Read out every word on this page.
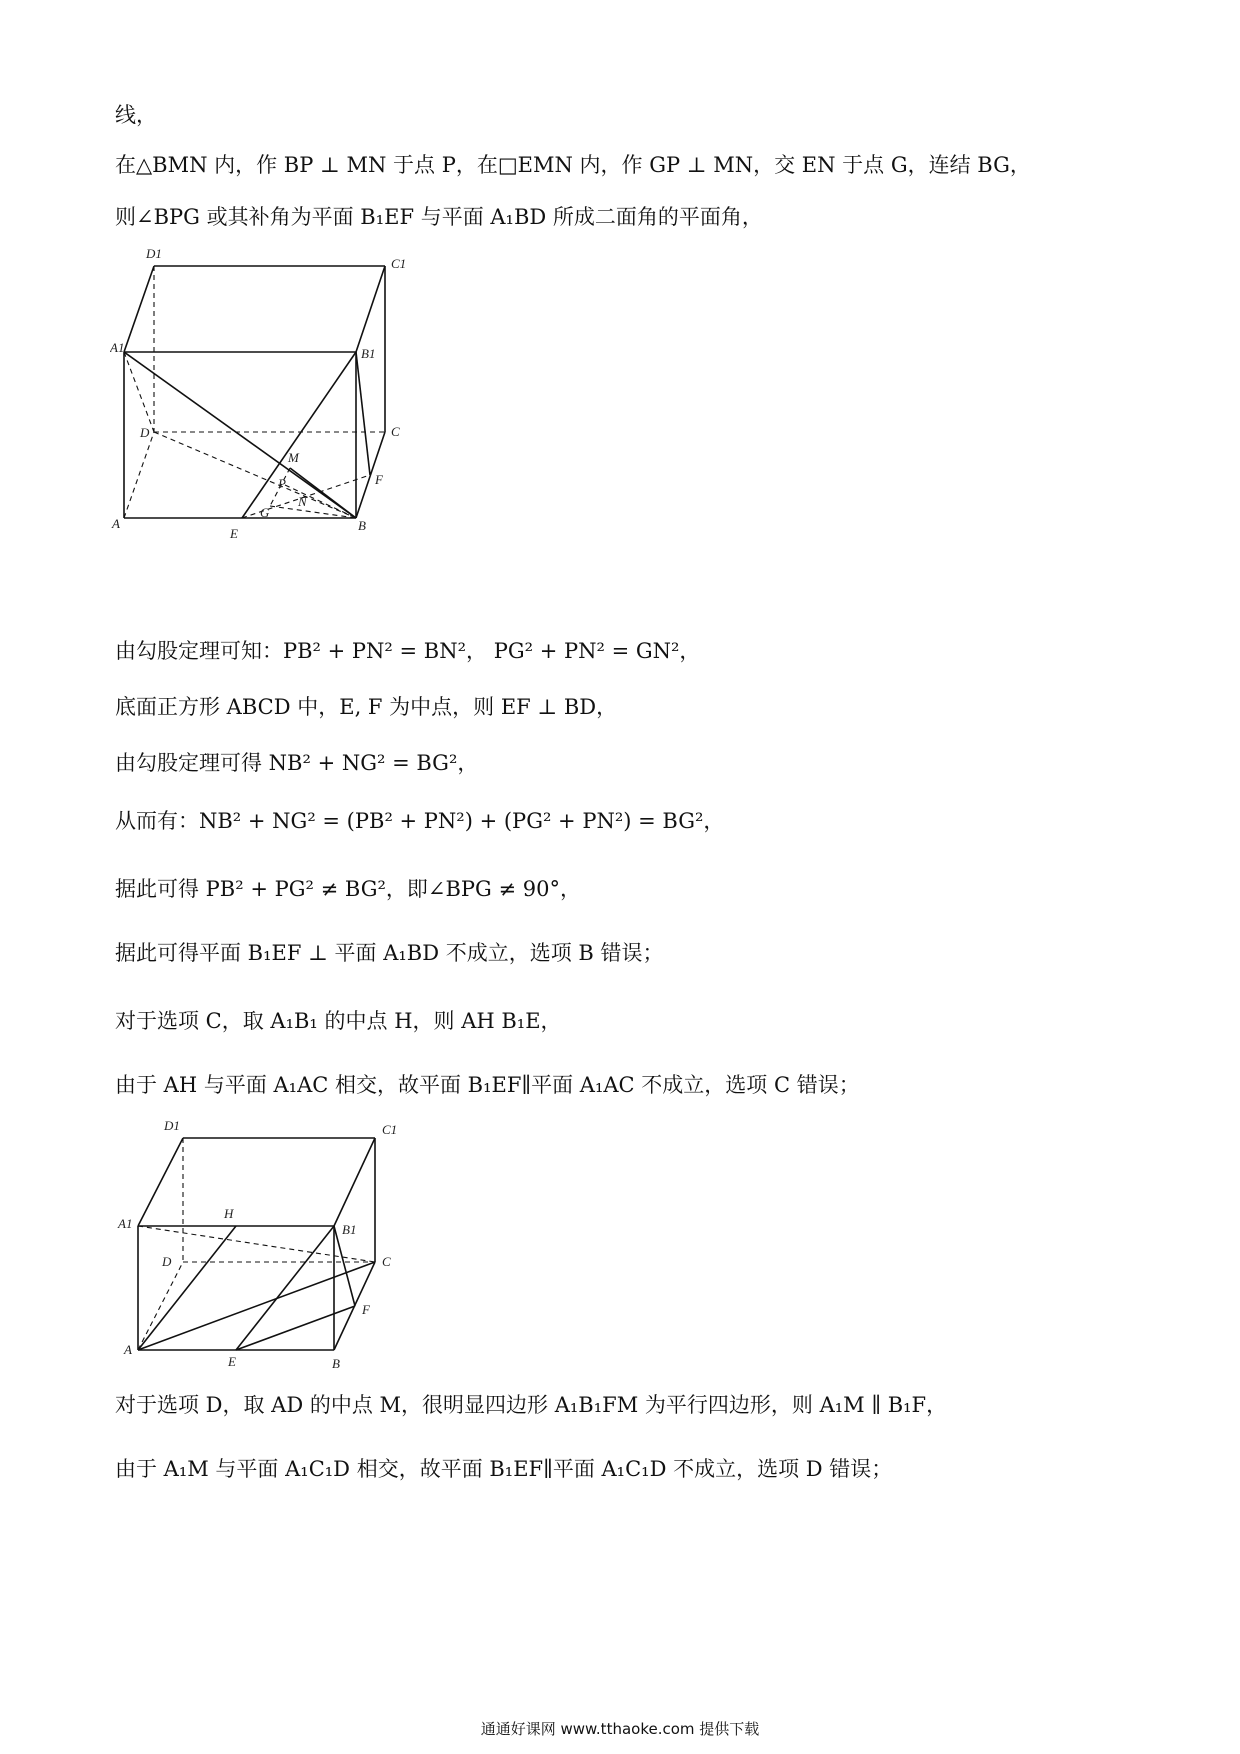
线，
在△BMN 内，作 BP ⊥ MN 于点 P，在□EMN 内，作 GP ⊥ MN，交 EN 于点 G，连结 BG，
则∠BPG 或其补角为平面 B₁EF 与平面 A₁BD 所成二面角的平面角，
D1
C1
A1	B1
D	C
M
P	F
G
N
A
E
B
由勾股定理可知：PB² + PN² = BN²， PG² + PN² = GN²，
底面正方形 ABCD 中，E, F 为中点，则 EF ⊥ BD，
由勾股定理可得 NB² + NG² = BG²，
从而有：NB² + NG² = (PB² + PN²) + (PG² + PN²) = BG²，
据此可得 PB² + PG² ≠ BG²，即∠BPG ≠ 90°，
据此可得平面 B₁EF ⊥ 平面 A₁BD 不成立，选项 B 错误；
对于选项 C，取 A₁B₁ 的中点 H，则 AH B₁E，
由于 AH 与平面 A₁AC 相交，故平面 B₁EF∥平面 A₁AC 不成立，选项 C 错误；
D1	C1
A1
H
B1
D	C
F
A
E	B
对于选项 D，取 AD 的中点 M，很明显四边形 A₁B₁FM 为平行四边形，则 A₁M ∥ B₁F，
由于 A₁M 与平面 A₁C₁D 相交，故平面 B₁EF∥平面 A₁C₁D 不成立，选项 D 错误；
通通好课网 www.tthaoke.com 提供下载
